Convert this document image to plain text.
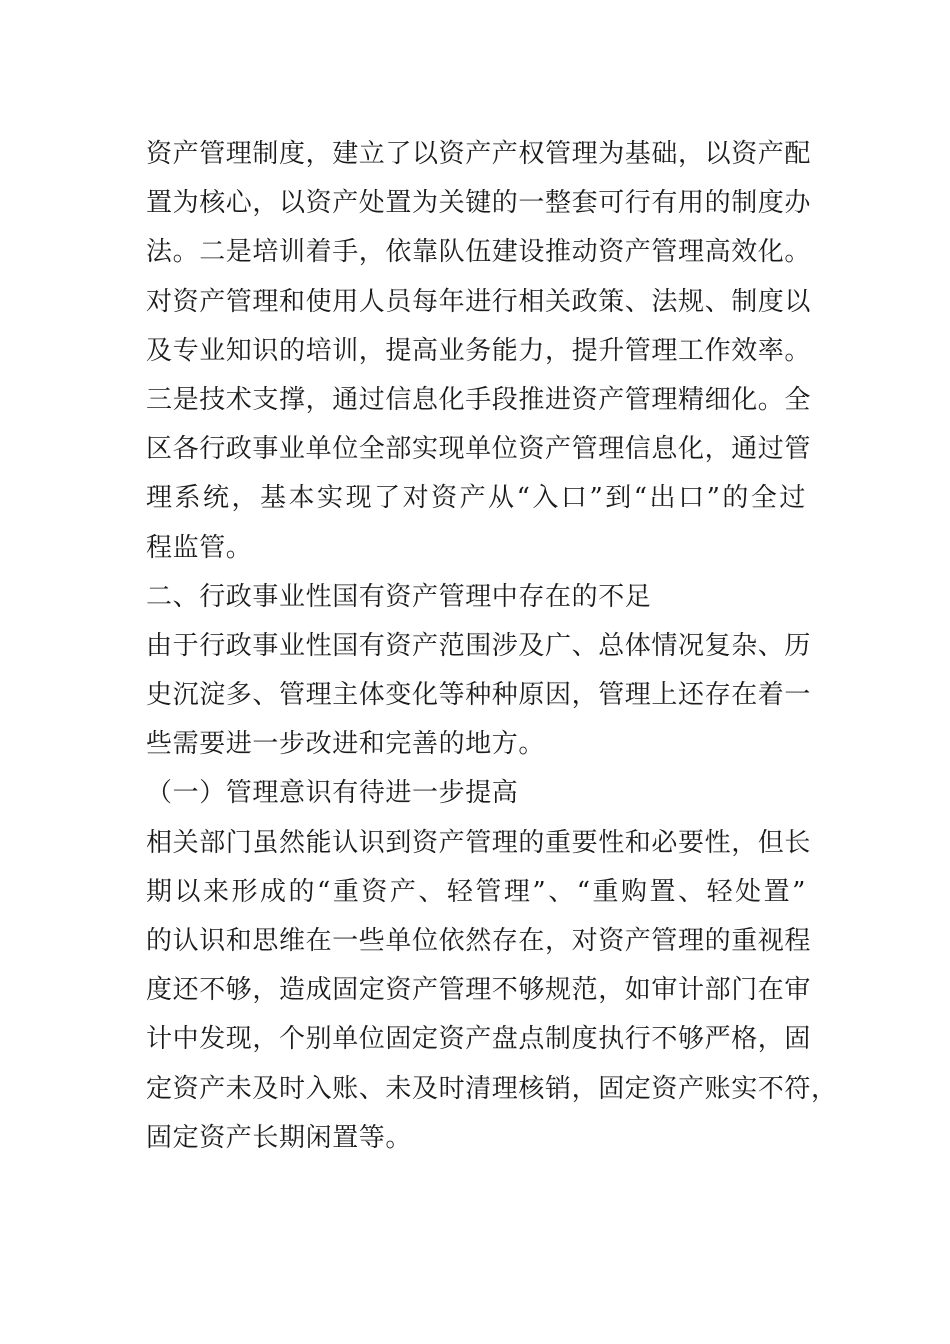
资产管理制度，建立了以资产产权管理为基础，以资产配
置为核心，以资产处置为关键的一整套可行有用的制度办
法。二是培训着手，依靠队伍建设推动资产管理高效化。
对资产管理和使用人员每年进行相关政策、法规、制度以
及专业知识的培训，提高业务能力，提升管理工作效率。
三是技术支撑，通过信息化手段推进资产管理精细化。全
区各行政事业单位全部实现单位资产管理信息化，通过管
理系统，基本实现了对资产从“入口”到“出口”的全过
程监管。
二、行政事业性国有资产管理中存在的不足
由于行政事业性国有资产范围涉及广、总体情况复杂、历
史沉淀多、管理主体变化等种种原因，管理上还存在着一
些需要进一步改进和完善的地方。
（一）管理意识有待进一步提高
相关部门虽然能认识到资产管理的重要性和必要性，但长
期以来形成的“重资产、轻管理”、“重购置、轻处置”
的认识和思维在一些单位依然存在，对资产管理的重视程
度还不够，造成固定资产管理不够规范，如审计部门在审
计中发现，个别单位固定资产盘点制度执行不够严格，固
定资产未及时入账、未及时清理核销，固定资产账实不符，
固定资产长期闲置等。
